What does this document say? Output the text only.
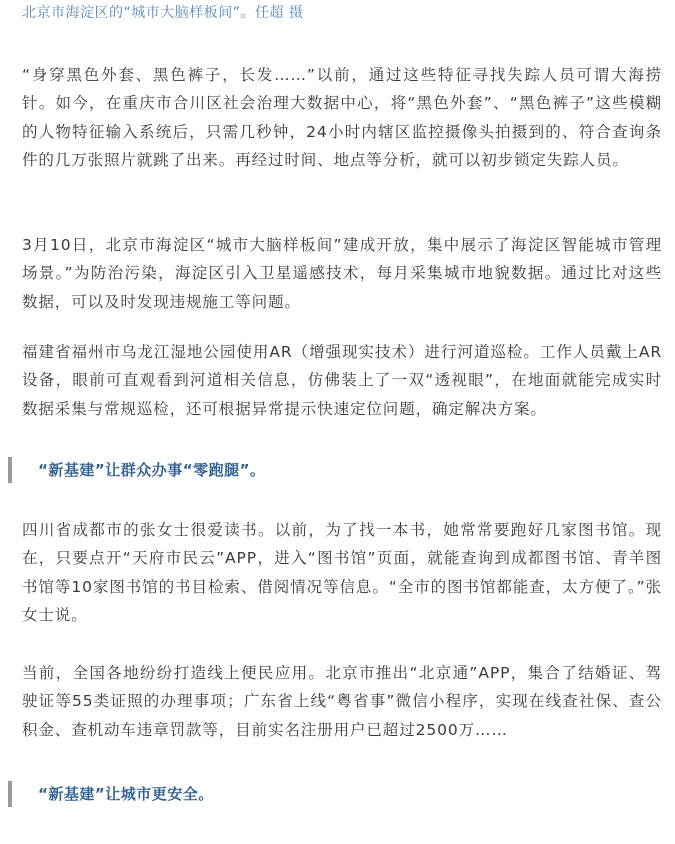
北京市海淀区的“城市大脑样板间”。任超 摄

“身穿黑色外套、黑色裤子，长发……”以前，通过这些特征寻找失踪人员可谓大海捞针。如今，在重庆市合川区社会治理大数据中心，将“黑色外套”、“黑色裤子”这些模糊的人物特征输入系统后，只需几秒钟，24小时内辖区监控摄像头拍摄到的、符合查询条件的几万张照片就跳了出来。再经过时间、地点等分析，就可以初步锁定失踪人员。

3月10日，北京市海淀区“城市大脑样板间”建成开放，集中展示了海淀区智能城市管理场景。”为防治污染，海淀区引入卫星遥感技术，每月采集城市地貌数据。通过比对这些数据，可以及时发现违规施工等问题。

福建省福州市乌龙江湿地公园使用AR（增强现实技术）进行河道巡检。工作人员戴上AR设备，眼前可直观看到河道相关信息，仿佛装上了一双“透视眼”，在地面就能完成实时数据采集与常规巡检，还可根据异常提示快速定位问题，确定解决方案。

“新基建”让群众办事“零跑腿”。

四川省成都市的张女士很爱读书。以前，为了找一本书，她常常要跑好几家图书馆。现在，只要点开“天府市民云”APP，进入“图书馆”页面，就能查询到成都图书馆、青羊图书馆等10家图书馆的书目检索、借阅情况等信息。“全市的图书馆都能查，太方便了。”张女士说。

当前，全国各地纷纷打造线上便民应用。北京市推出“北京通”APP，集合了结婚证、驾驶证等55类证照的办理事项；广东省上线“粤省事”微信小程序，实现在线查社保、查公积金、查机动车违章罚款等，目前实名注册用户已超过2500万……

“新基建”让城市更安全。
